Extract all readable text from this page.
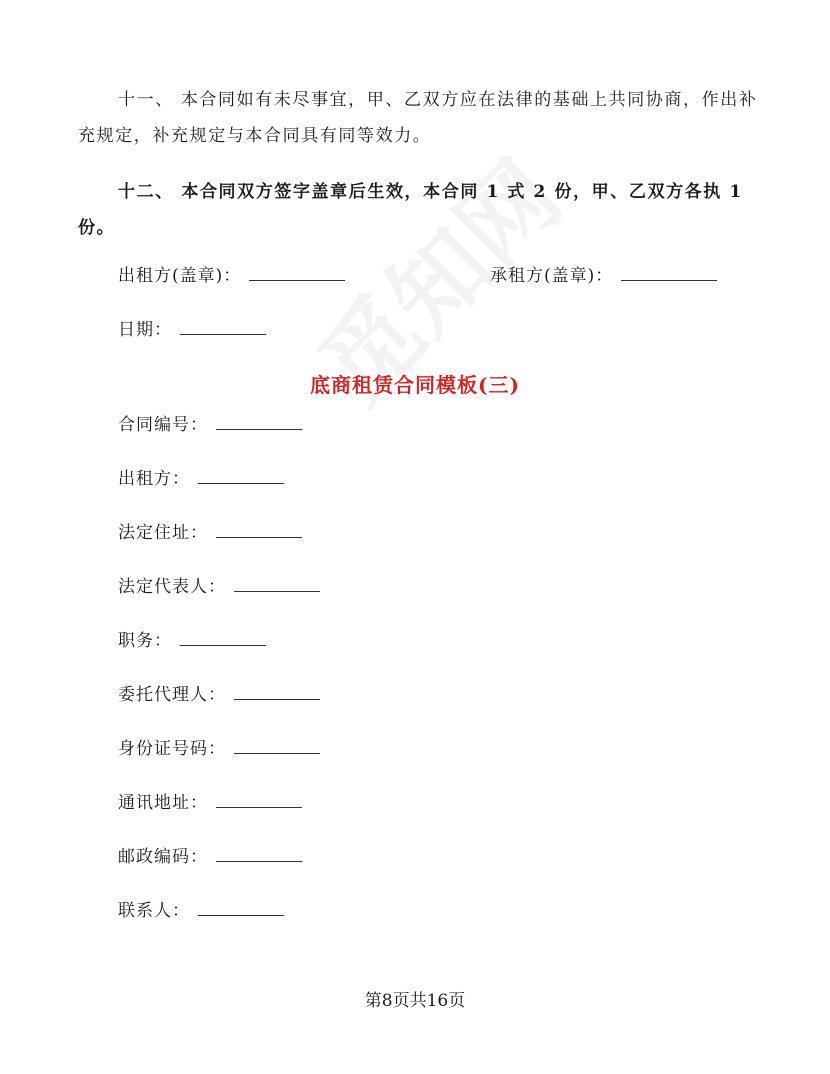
十一、 本合同如有未尽事宜，甲、乙双方应在法律的基础上共同协商，作出补充规定，补充规定与本合同具有同等效力。
十二、 本合同双方签字盖章后生效，本合同 1 式 2 份，甲、乙双方各执 1 份。
出租方(盖章)：	承租方(盖章)：
日期：
底商租赁合同模板(三)
合同编号：
出租方：
法定住址：
法定代表人：
职务：
委托代理人：
身份证号码：
通讯地址：
邮政编码：
联系人：
第8页共16页
